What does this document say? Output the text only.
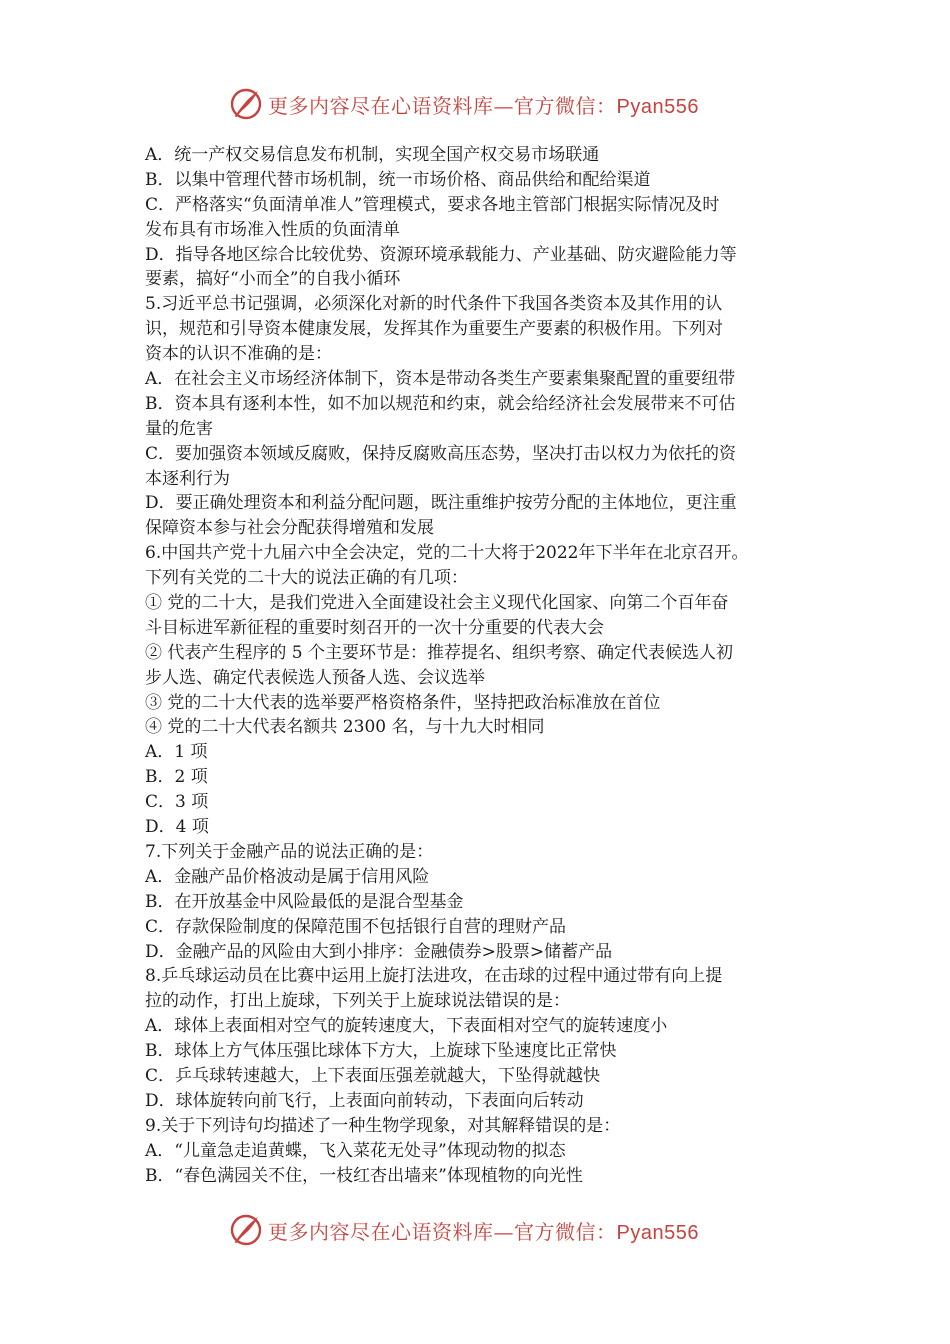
更多内容尽在心语资料库—官方微信：Pyan556
A．统一产权交易信息发布机制，实现全国产权交易市场联通
B．以集中管理代替市场机制，统一市场价格、商品供给和配给渠道
C．严格落实“负面清单准人”管理模式，要求各地主管部门根据实际情况及时
发布具有市场准入性质的负面清单
D．指导各地区综合比较优势、资源环境承载能力、产业基础、防灾避险能力等
要素，搞好“小而全”的自我小循环
5.习近平总书记强调，必须深化对新的时代条件下我国各类资本及其作用的认
识，规范和引导资本健康发展，发挥其作为重要生产要素的积极作用。下列对
资本的认识不准确的是：
A．在社会主义市场经济体制下，资本是带动各类生产要素集聚配置的重要纽带
B．资本具有逐利本性，如不加以规范和约束，就会给经济社会发展带来不可估
量的危害
C．要加强资本领域反腐败，保持反腐败高压态势，坚决打击以权力为依托的资
本逐利行为
D．要正确处理资本和利益分配问题，既注重维护按劳分配的主体地位，更注重
保障资本参与社会分配获得增殖和发展
6.中国共产党十九届六中全会决定，党的二十大将于2022年下半年在北京召开。
下列有关党的二十大的说法正确的有几项：
① 党的二十大，是我们党进入全面建设社会主义现代化国家、向第二个百年奋
斗目标进军新征程的重要时刻召开的一次十分重要的代表大会
② 代表产生程序的 5 个主要环节是：推荐提名、组织考察、确定代表候选人初
步人选、确定代表候选人预备人选、会议选举
③ 党的二十大代表的选举要严格资格条件，坚持把政治标准放在首位
④ 党的二十大代表名额共 2300 名，与十九大时相同
A．1 项
B．2 项
C．3 项
D．4 项
7.下列关于金融产品的说法正确的是：
A．金融产品价格波动是属于信用风险
B．在开放基金中风险最低的是混合型基金
C．存款保险制度的保障范围不包括银行自营的理财产品
D．金融产品的风险由大到小排序：金融债券>股票>储蓄产品
8.乒乓球运动员在比赛中运用上旋打法进攻，在击球的过程中通过带有向上提
拉的动作，打出上旋球，下列关于上旋球说法错误的是：
A．球体上表面相对空气的旋转速度大，下表面相对空气的旋转速度小
B．球体上方气体压强比球体下方大，上旋球下坠速度比正常快
C．乒乓球转速越大，上下表面压强差就越大，下坠得就越快
D．球体旋转向前飞行，上表面向前转动，下表面向后转动
9.关于下列诗句均描述了一种生物学现象，对其解释错误的是：
A．“儿童急走追黄蝶，飞入菜花无处寻”体现动物的拟态
B．“春色满园关不住，一枝红杏出墙来”体现植物的向光性
更多内容尽在心语资料库—官方微信：Pyan556
